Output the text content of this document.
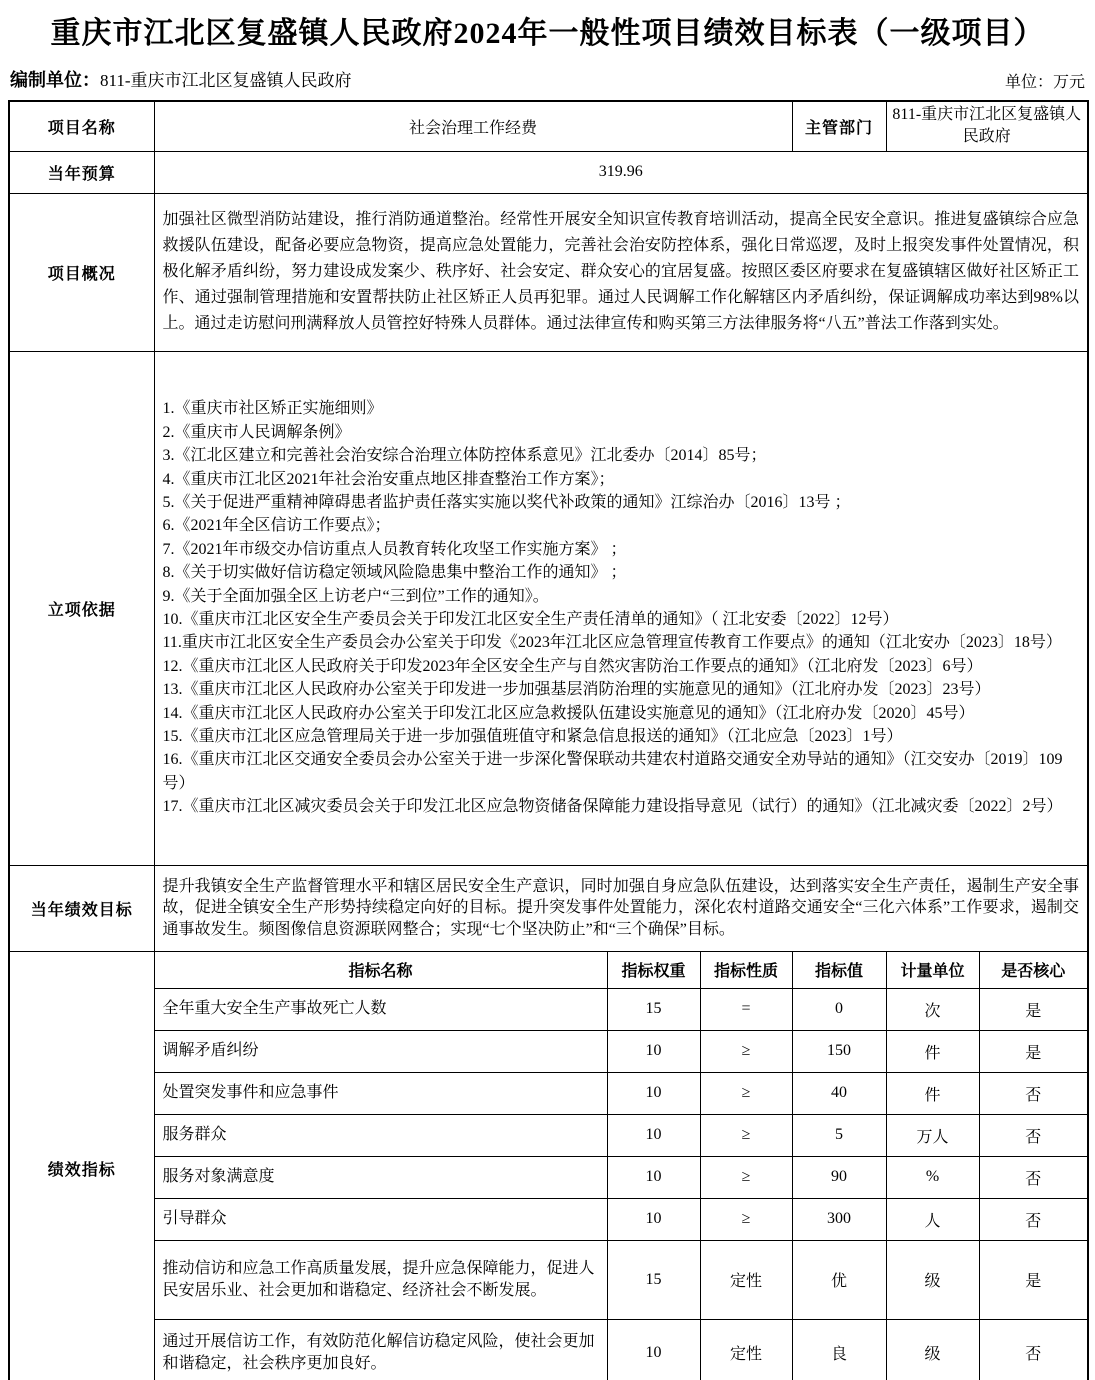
重庆市江北区复盛镇人民政府2024年一般性项目绩效目标表（一级项目）
编制单位：811-重庆市江北区复盛镇人民政府	单位：万元
项目名称	社会治理工作经费			主管部门	811-重庆市江北区复盛镇人民政府	
当年预算	319.96					
项目概况	加强社区微型消防站建设，推行消防通道整治。经常性开展安全知识宣传教育培训活动，提高全民安全意识。推进复盛镇综合应急救援队伍建设，配备必要应急物资，提高应急处置能力，完善社会治安防控体系，强化日常巡逻，及时上报突发事件处置情况，积极化解矛盾纠纷，努力建设成发案少、秩序好、社会安定、群众安心的宜居复盛。按照区委区府要求在复盛镇辖区做好社区矫正工作、通过强制管理措施和安置帮扶防止社区矫正人员再犯罪。通过人民调解工作化解辖区内矛盾纠纷，保证调解成功率达到98%以上。通过走访慰问刑满释放人员管控好特殊人员群体。通过法律宣传和购买第三方法律服务将“八五”普法工作落到实处。					
立项依据	
1.《重庆市社区矫正实施细则》
2.《重庆市人民调解条例》
3.《江北区建立和完善社会治安综合治理立体防控体系意见》江北委办〔2014〕85号；
4.《重庆市江北区2021年社会治安重点地区排查整治工作方案》；
5.《关于促进严重精神障碍患者监护责任落实实施以奖代补政策的通知》江综治办〔2016〕13号 ；
6.《2021年全区信访工作要点》；
7.《2021年市级交办信访重点人员教育转化攻坚工作实施方案》 ；
8.《关于切实做好信访稳定领域风险隐患集中整治工作的通知》 ；
9.《关于全面加强全区上访老户“三到位”工作的通知》。
10.《重庆市江北区安全生产委员会关于印发江北区安全生产责任清单的通知》（ 江北安委〔2022〕12号）
11.重庆市江北区安全生产委员会办公室关于印发《2023年江北区应急管理宣传教育工作要点》的通知（江北安办〔2023〕18号）
12.《重庆市江北区人民政府关于印发2023年全区安全生产与自然灾害防治工作要点的通知》（江北府发〔2023〕6号）
13.《重庆市江北区人民政府办公室关于印发进一步加强基层消防治理的实施意见的通知》（江北府办发〔2023〕23号）
14.《重庆市江北区人民政府办公室关于印发江北区应急救援队伍建设实施意见的通知》（江北府办发〔2020〕45号）
15.《重庆市江北区应急管理局关于进一步加强值班值守和紧急信息报送的通知》（江北应急〔2023〕1号）
16.《重庆市江北区交通安全委员会办公室关于进一步深化警保联动共建农村道路交通安全劝导站的通知》（江交安办〔2019〕109号）
17.《重庆市江北区减灾委员会关于印发江北区应急物资储备保障能力建设指导意见（试行）的通知》（江北减灾委〔2022〕2号）

当年绩效目标	提升我镇安全生产监督管理水平和辖区居民安全生产意识，同时加强自身应急队伍建设，达到落实安全生产责任，遏制生产安全事故，促进全镇安全生产形势持续稳定向好的目标。提升突发事件处置能力，深化农村道路交通安全“三化六体系”工作要求，遏制交通事故发生。频图像信息资源联网整合；实现“七个坚决防止”和“三个确保”目标。					
绩效指标	指标名称	指标权重	指标性质	指标值	计量单位	是否核心
	全年重大安全生产事故死亡人数	15	=	0	次	是
	调解矛盾纠纷	10	≥	150	件	是
	处置突发事件和应急事件	10	≥	40	件	否
	服务群众	10	≥	5	万人	否
	服务对象满意度	10	≥	90	%	否
	引导群众	10	≥	300	人	否
	推动信访和应急工作高质量发展，提升应急保障能力，促进人民安居乐业、社会更加和谐稳定、经济社会不断发展。	15	定性	优	级	是
	通过开展信访工作，有效防范化解信访稳定风险，使社会更加和谐稳定，社会秩序更加良好。	10	定性	良	级	否
